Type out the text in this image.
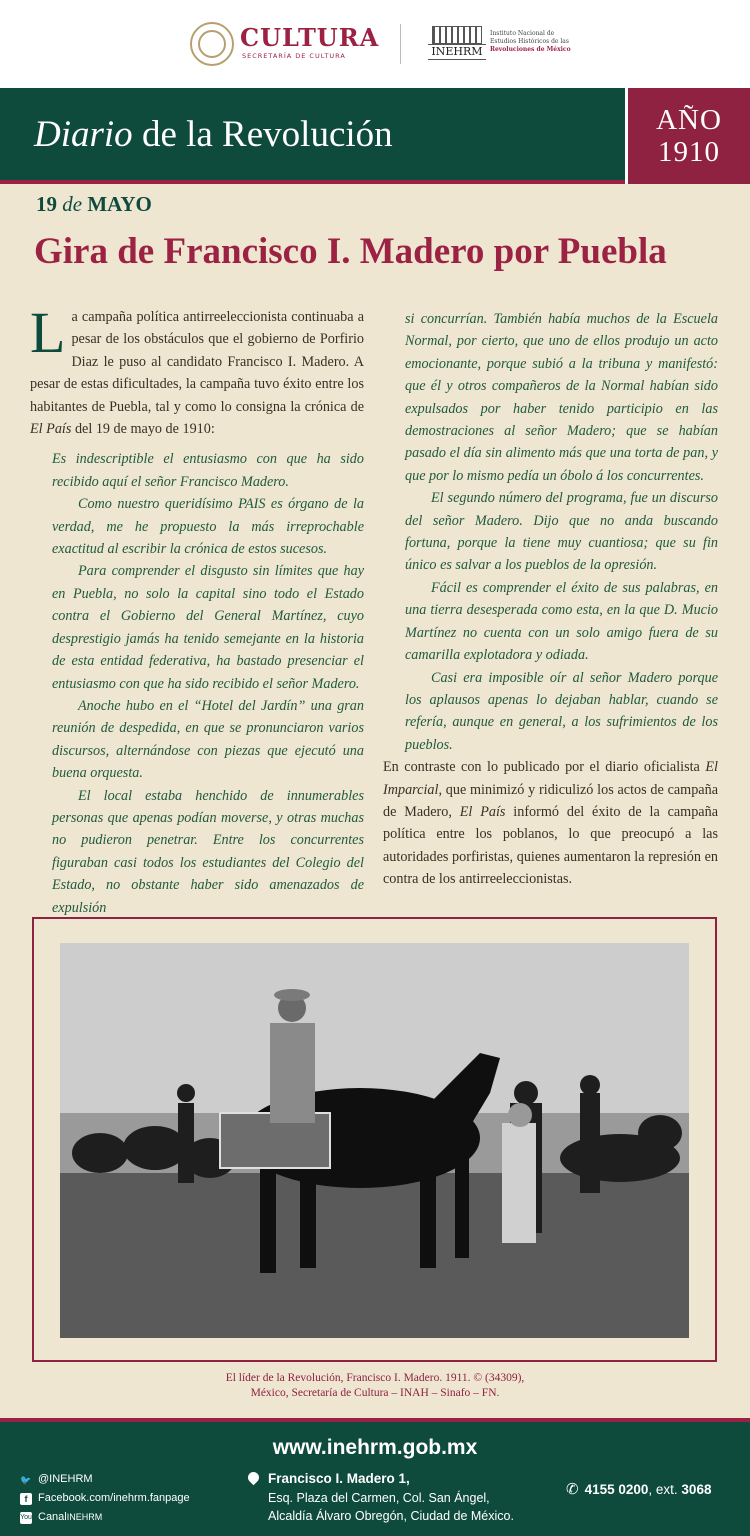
CULTURA
SECRETARÍA DE CULTURA	INEHRM
Instituto Nacional de
Estudios Históricos de las
Revoluciones de México
Diario de la Revolución	AÑO
1910
19 de MAYO
Gira de Francisco I. Madero por Puebla

La campaña política antirreeleccionista continuaba a pesar de los obstáculos que el gobierno de Porfirio Diaz le puso al candidato Francisco I. Madero. A pesar de estas dificultades, la campaña tuvo éxito entre los habitantes de Puebla, tal y como lo consigna la crónica de El País del 19 de mayo de 1910:

Es indescriptible el entusiasmo con que ha sido recibido aquí el señor Francisco Madero.

Como nuestro queridísimo PAIS es órgano de la verdad, me he propuesto la más irreprochable exactitud al escribir la crónica de estos sucesos.

Para comprender el disgusto sin límites que hay en Puebla, no solo la capital sino todo el Estado contra el Gobierno del General Martínez, cuyo desprestigio jamás ha tenido semejante en la historia de esta entidad federativa, ha bastado presenciar el entusiasmo con que ha sido recibido el señor Madero.

Anoche hubo en el “Hotel del Jardín” una gran reunión de despedida, en que se pronunciaron varios discursos, alternándose con piezas que ejecutó una buena orquesta.

El local estaba henchido de innumerables personas que apenas podían moverse, y otras muchas no pudieron penetrar. Entre los concurrentes figuraban casi todos los estudiantes del Colegio del Estado, no obstante haber sido amenazados de expulsión

si concurrían. También había muchos de la Escuela Normal, por cierto, que uno de ellos produjo un acto emocionante, porque subió a la tribuna y manifestó: que él y otros compañeros de la Normal habían sido expulsados por haber tenido participio en las demostraciones al señor Madero; que se habían pasado el día sin alimento más que una torta de pan, y que por lo mismo pedía un óbolo á los concurrentes.

El segundo número del programa, fue un discurso del señor Madero. Dijo que no anda buscando fortuna, porque la tiene muy cuantiosa; que su fin único es salvar a los pueblos de la opresión.

Fácil es comprender el éxito de sus palabras, en una tierra desesperada como esta, en la que D. Mucio Martínez no cuenta con un solo amigo fuera de su camarilla explotadora y odiada.

Casi era imposible oír al señor Madero porque los aplausos apenas lo dejaban hablar, cuando se refería, aunque en general, a los sufrimientos de los pueblos.

En contraste con lo publicado por el diario oficialista El Imparcial, que minimizó y ridiculizó los actos de campaña de Madero, El País informó del éxito de la campaña política entre los poblanos, lo que preocupó a las autoridades porfiristas, quienes aumentaron la represión en contra de los antirreeleccionistas.

El líder de la Revolución, Francisco I. Madero. 1911. © (34309),
México, Secretaría de Cultura – INAH – Sinafo – FN.
www.inehrm.gob.mx
🐦 @INEHRM
f Facebook.com/inehrm.fanpage
You Canal INEHRM
Francisco I. Madero 1,
Esq. Plaza del Carmen, Col. San Ángel,
Alcaldía Álvaro Obregón, Ciudad de México.
✆ 4155 0200, ext. 3068
